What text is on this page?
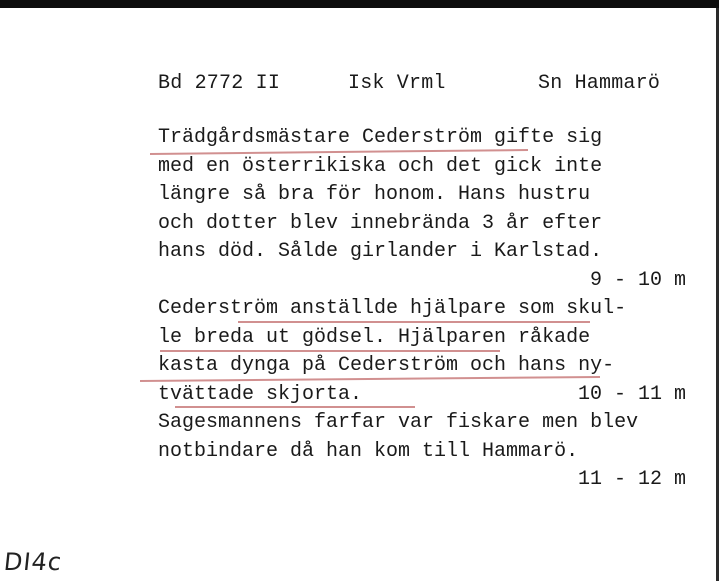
Bd 2772 II	Isk Vrml	Sn Hammarö
Trädgårdsmästare Cederström gifte sig
med en österrikiska och det gick inte
längre så bra för honom. Hans hustru
och dotter blev innebrända 3 år efter
hans död. Sålde girlander i Karlstad.
9 - 10 m
Cederström anställde hjälpare som skul-
le breda ut gödsel. Hjälparen råkade
kasta dynga på Cederström och hans ny-
tvättade skjorta.	10 - 11 m
Sagesmannens farfar var fiskare men blev
notbindare då han kom till Hammarö.
11 - 12 m
DI4c
